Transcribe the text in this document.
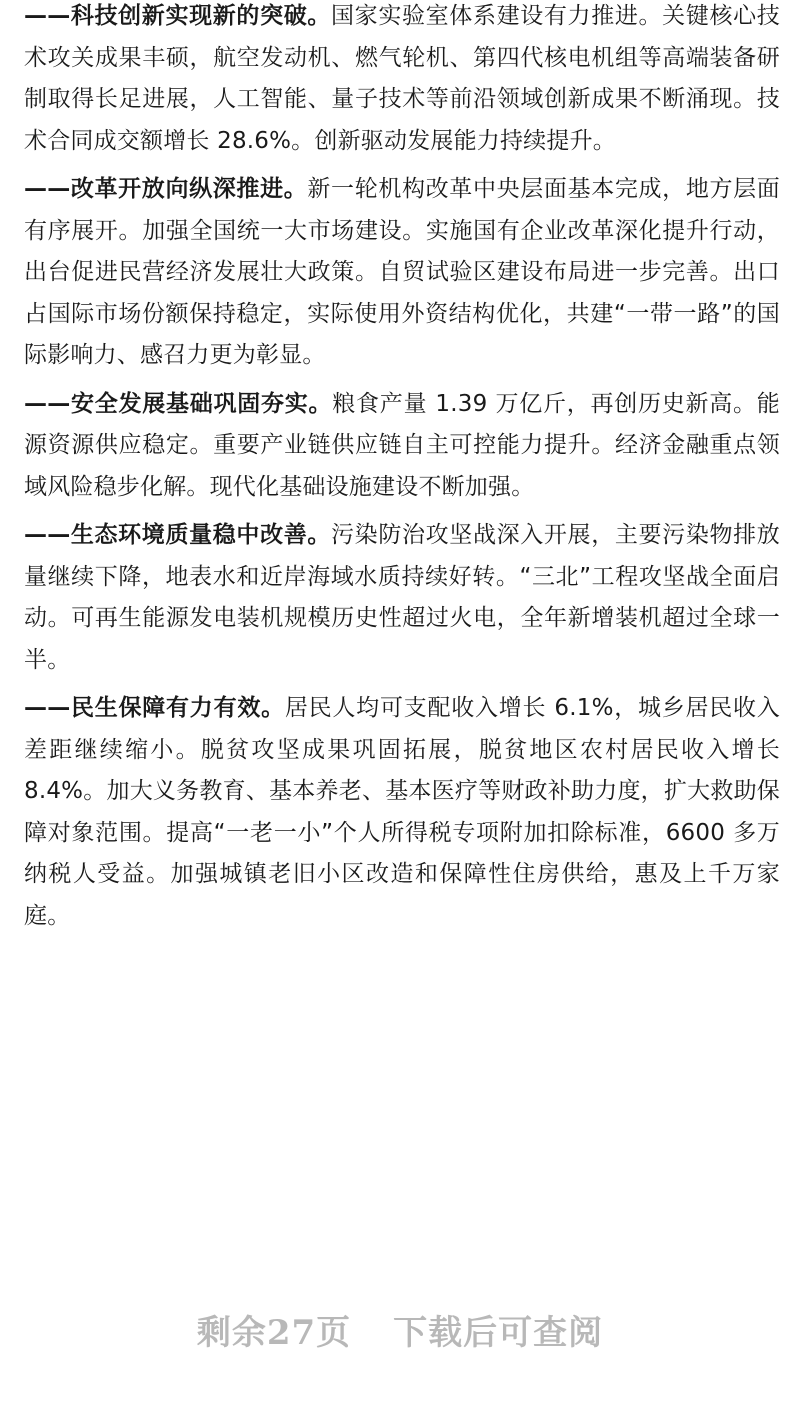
——科技创新实现新的突破。国家实验室体系建设有力推进。关键核心技术攻关成果丰硕，航空发动机、燃气轮机、第四代核电机组等高端装备研制取得长足进展，人工智能、量子技术等前沿领域创新成果不断涌现。技术合同成交额增长 28.6%。创新驱动发展能力持续提升。

——改革开放向纵深推进。新一轮机构改革中央层面基本完成，地方层面有序展开。加强全国统一大市场建设。实施国有企业改革深化提升行动，出台促进民营经济发展壮大政策。自贸试验区建设布局进一步完善。出口占国际市场份额保持稳定，实际使用外资结构优化，共建“一带一路”的国际影响力、感召力更为彰显。

——安全发展基础巩固夯实。粮食产量 1.39 万亿斤，再创历史新高。能源资源供应稳定。重要产业链供应链自主可控能力提升。经济金融重点领域风险稳步化解。现代化基础设施建设不断加强。

——生态环境质量稳中改善。污染防治攻坚战深入开展，主要污染物排放量继续下降，地表水和近岸海域水质持续好转。“三北”工程攻坚战全面启动。可再生能源发电装机规模历史性超过火电，全年新增装机超过全球一半。

——民生保障有力有效。居民人均可支配收入增长 6.1%，城乡居民收入差距继续缩小。脱贫攻坚成果巩固拓展，脱贫地区农村居民收入增长 8.4%。加大义务教育、基本养老、基本医疗等财政补助力度，扩大救助保障对象范围。提高“一老一小”个人所得税专项附加扣除标准，6600 多万纳税人受益。加强城镇老旧小区改造和保障性住房供给，惠及上千万家庭。

剩余27页 下载后可查阅
